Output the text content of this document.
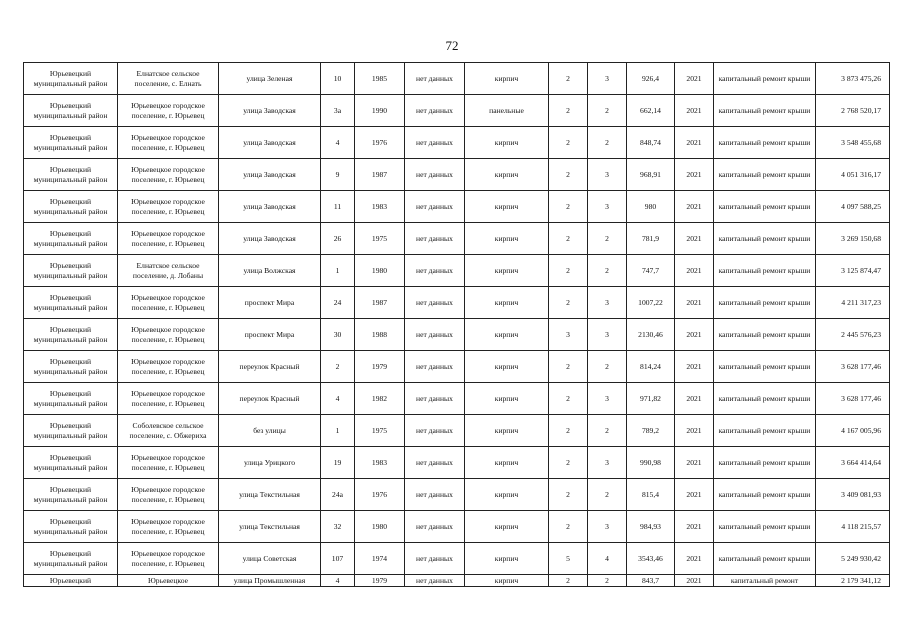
72
Юрьевецкий муниципальный район	Елнатское сельское поселение, с. Елнать	улица Зеленая	10	1985	нет данных	кирпич	2	3	926,4	2021	капитальный ремонт крыши	3 873 475,26
Юрьевецкий муниципальный район	Юрьевецкое городское поселение, г. Юрьевец	улица Заводская	3а	1990	нет данных	панельные	2	2	662,14	2021	капитальный ремонт крыши	2 768 520,17
Юрьевецкий муниципальный район	Юрьевецкое городское поселение, г. Юрьевец	улица Заводская	4	1976	нет данных	кирпич	2	2	848,74	2021	капитальный ремонт крыши	3 548 455,68
Юрьевецкий муниципальный район	Юрьевецкое городское поселение, г. Юрьевец	улица Заводская	9	1987	нет данных	кирпич	2	3	968,91	2021	капитальный ремонт крыши	4 051 316,17
Юрьевецкий муниципальный район	Юрьевецкое городское поселение, г. Юрьевец	улица Заводская	11	1983	нет данных	кирпич	2	3	980	2021	капитальный ремонт крыши	4 097 588,25
Юрьевецкий муниципальный район	Юрьевецкое городское поселение, г. Юрьевец	улица Заводская	26	1975	нет данных	кирпич	2	2	781,9	2021	капитальный ремонт крыши	3 269 150,68
Юрьевецкий муниципальный район	Елнатское сельское поселение, д. Лобаны	улица Волжская	1	1980	нет данных	кирпич	2	2	747,7	2021	капитальный ремонт крыши	3 125 874,47
Юрьевецкий муниципальный район	Юрьевецкое городское поселение, г. Юрьевец	проспект Мира	24	1987	нет данных	кирпич	2	3	1007,22	2021	капитальный ремонт крыши	4 211 317,23
Юрьевецкий муниципальный район	Юрьевецкое городское поселение, г. Юрьевец	проспект Мира	30	1988	нет данных	кирпич	3	3	2130,46	2021	капитальный ремонт крыши	2 445 576,23
Юрьевецкий муниципальный район	Юрьевецкое городское поселение, г. Юрьевец	переулок Красный	2	1979	нет данных	кирпич	2	2	814,24	2021	капитальный ремонт крыши	3 628 177,46
Юрьевецкий муниципальный район	Юрьевецкое городское поселение, г. Юрьевец	переулок Красный	4	1982	нет данных	кирпич	2	3	971,82	2021	капитальный ремонт крыши	3 628 177,46
Юрьевецкий муниципальный район	Соболевское сельское поселение, с. Обжериха	без улицы	1	1975	нет данных	кирпич	2	2	789,2	2021	капитальный ремонт крыши	4 167 005,96
Юрьевецкий муниципальный район	Юрьевецкое городское поселение, г. Юрьевец	улица Урицкого	19	1983	нет данных	кирпич	2	3	990,98	2021	капитальный ремонт крыши	3 664 414,64
Юрьевецкий муниципальный район	Юрьевецкое городское поселение, г. Юрьевец	улица Текстильная	24а	1976	нет данных	кирпич	2	2	815,4	2021	капитальный ремонт крыши	3 409 081,93
Юрьевецкий муниципальный район	Юрьевецкое городское поселение, г. Юрьевец	улица Текстильная	32	1980	нет данных	кирпич	2	3	984,93	2021	капитальный ремонт крыши	4 118 215,57
Юрьевецкий муниципальный район	Юрьевецкое городское поселение, г. Юрьевец	улица Советская	107	1974	нет данных	кирпич	5	4	3543,46	2021	капитальный ремонт крыши	5 249 930,42
Юрьевецкий	Юрьевецкое	улица Промышленная	4	1979	нет данных	кирпич	2	2	843,7	2021	капитальный ремонт	2 179 341,12
